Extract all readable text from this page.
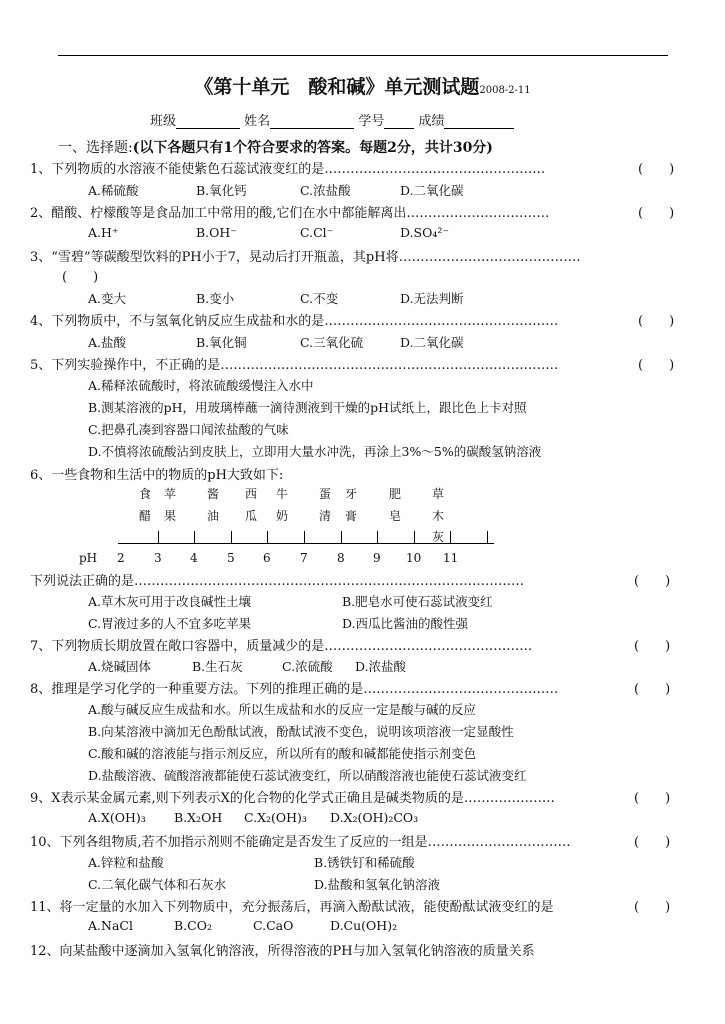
《第十单元　酸和碱》单元测试题2008-2-11
班级	姓名	学号	成绩
一、选择题:(以下各题只有1个符合要求的答案。每题2分，共计30分)
1、下列物质的水溶液不能使紫色石蕊试液变红的是……………………………………………	(　　)
A.稀硫酸	B.氧化钙	C.浓盐酸	D.二氧化碳
2、醋酸、柠檬酸等是食品加工中常用的酸,它们在水中都能解离出……………………………	(　　)
A.H⁺	B.OH⁻	C.Cl⁻	D.SO₄²⁻
3、“雪碧”等碳酸型饮料的PH小于7，晃动后打开瓶盖，其pH将……………………………………
(　　)
A.变大	B.变小	C.不变	D.无法判断
4、下列物质中，不与氢氧化钠反应生成盐和水的是………………………………………………	(　　)
A.盐酸	B.氧化铜	C.三氧化硫	D.二氧化碳
5、下列实验操作中，不正确的是……………………………………………………………………	(　　)
A.稀释浓硫酸时，将浓硫酸缓慢注入水中
B.测某溶液的pH，用玻璃棒蘸一滴待测液到干燥的pH试纸上，跟比色上卡对照
C.把鼻孔凑到容器口闻浓盐酸的气味
D.不慎将浓硫酸沾到皮肤上，立即用大量水冲洗，再涂上3%～5%的碳酸氢钠溶液
6、一些食物和生活中的物质的pH大致如下:
食
醋
苹
果
酱
油
西
瓜
牛
奶
蛋
清
牙
膏
肥
皂
草
木
灰
pH 2 3 4 5 6 7 8 9 10 11
下列说法正确的是………………………………………………………………………………	(　　)
A.草木灰可用于改良碱性土壤	B.肥皂水可使石蕊试液变红
C.胃液过多的人不宜多吃苹果	D.西瓜比酱油的酸性强
7、下列物质长期放置在敞口容器中，质量减少的是…………………………………………	(　　)
A.烧碱固体	B.生石灰	C.浓硫酸 D.浓盐酸
8、推理是学习化学的一种重要方法。下列的推理正确的是………………………………………	(　　)
A.酸与碱反应生成盐和水。所以生成盐和水的反应一定是酸与碱的反应
B.向某溶液中滴加无色酚酞试液，酚酞试液不变色，说明该项溶液一定显酸性
C.酸和碱的溶液能与指示剂反应，所以所有的酸和碱都能使指示剂变色
D.盐酸溶液、硫酸溶液都能使石蕊试液变红，所以硝酸溶液也能使石蕊试液变红
9、X表示某金属元素,则下列表示X的化合物的化学式正确且是碱类物质的是…………………	(　　)
A.X(OH)₃ B.X₂OH C.X₂(OH)₃ D.X₂(OH)₂CO₃
10、下列各组物质,若不加指示剂则不能确定是否发生了反应的一组是……………………………	(　　)
A.锌粒和盐酸	B.锈铁钉和稀硫酸
C.二氧化碳气体和石灰水	D.盐酸和氢氧化钠溶液
11、将一定量的水加入下列物质中，充分振荡后，再滴入酚酞试液，能使酚酞试液变红的是	(　　)
A.NaCl	B.CO₂	C.CaO	D.Cu(OH)₂
12、向某盐酸中逐滴加入氢氧化钠溶液，所得溶液的PH与加入氢氧化钠溶液的质量关系
